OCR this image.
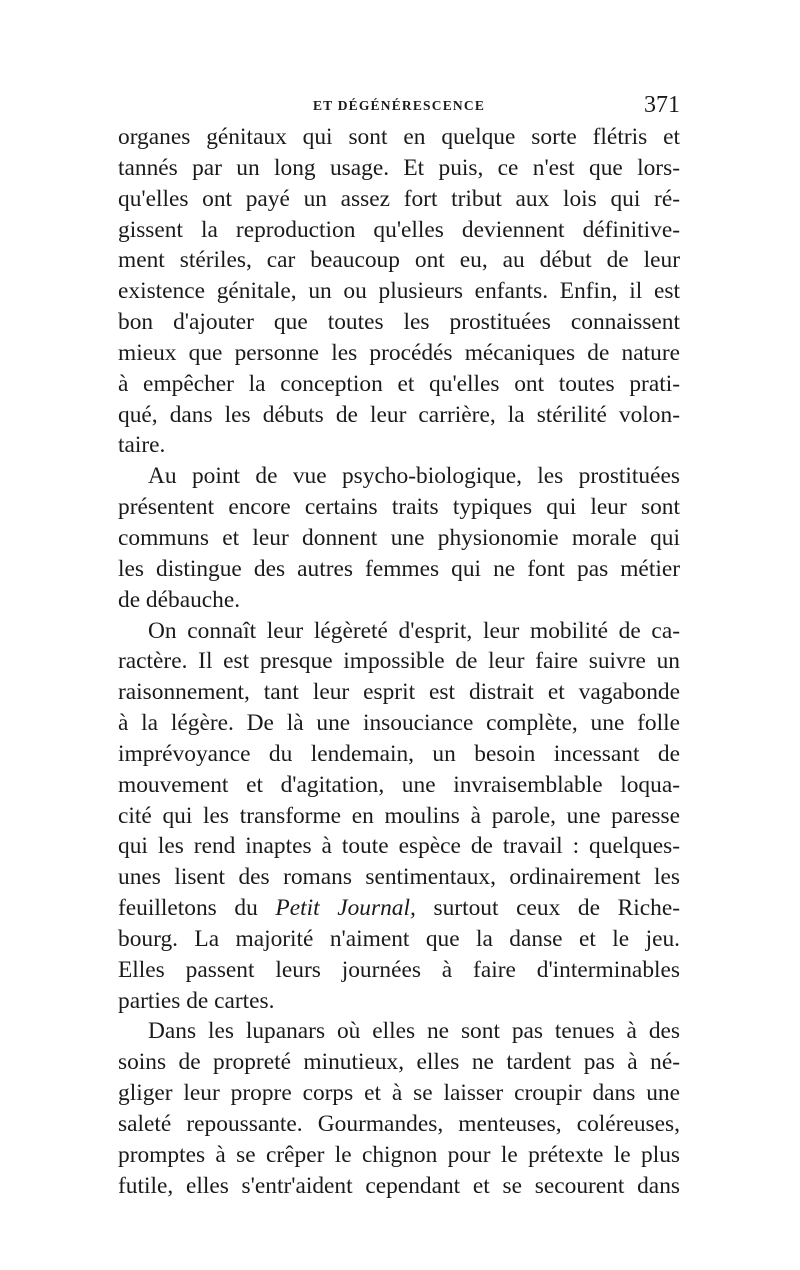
ET DÉGÉNÉRESCENCE	371
organes génitaux qui sont en quelque sorte flétris et
tannés par un long usage. Et puis, ce n'est que lors-
qu'elles ont payé un assez fort tribut aux lois qui ré-
gissent la reproduction qu'elles deviennent définitive-
ment stériles, car beaucoup ont eu, au début de leur
existence génitale, un ou plusieurs enfants. Enfin, il est
bon d'ajouter que toutes les prostituées connaissent
mieux que personne les procédés mécaniques de nature
à empêcher la conception et qu'elles ont toutes prati-
qué, dans les débuts de leur carrière, la stérilité volon-
taire.
Au point de vue psycho-biologique, les prostituées
présentent encore certains traits typiques qui leur sont
communs et leur donnent une physionomie morale qui
les distingue des autres femmes qui ne font pas métier
de débauche.
On connaît leur légèreté d'esprit, leur mobilité de ca-
ractère. Il est presque impossible de leur faire suivre un
raisonnement, tant leur esprit est distrait et vagabonde
à la légère. De là une insouciance complète, une folle
imprévoyance du lendemain, un besoin incessant de
mouvement et d'agitation, une invraisemblable loqua-
cité qui les transforme en moulins à parole, une paresse
qui les rend inaptes à toute espèce de travail : quelques-
unes lisent des romans sentimentaux, ordinairement les
feuilletons du Petit Journal, surtout ceux de Riche-
bourg. La majorité n'aiment que la danse et le jeu.
Elles passent leurs journées à faire d'interminables
parties de cartes.
Dans les lupanars où elles ne sont pas tenues à des
soins de propreté minutieux, elles ne tardent pas à né-
gliger leur propre corps et à se laisser croupir dans une
saleté repoussante. Gourmandes, menteuses, coléreuses,
promptes à se crêper le chignon pour le prétexte le plus
futile, elles s'entr'aident cependant et se secourent dans
